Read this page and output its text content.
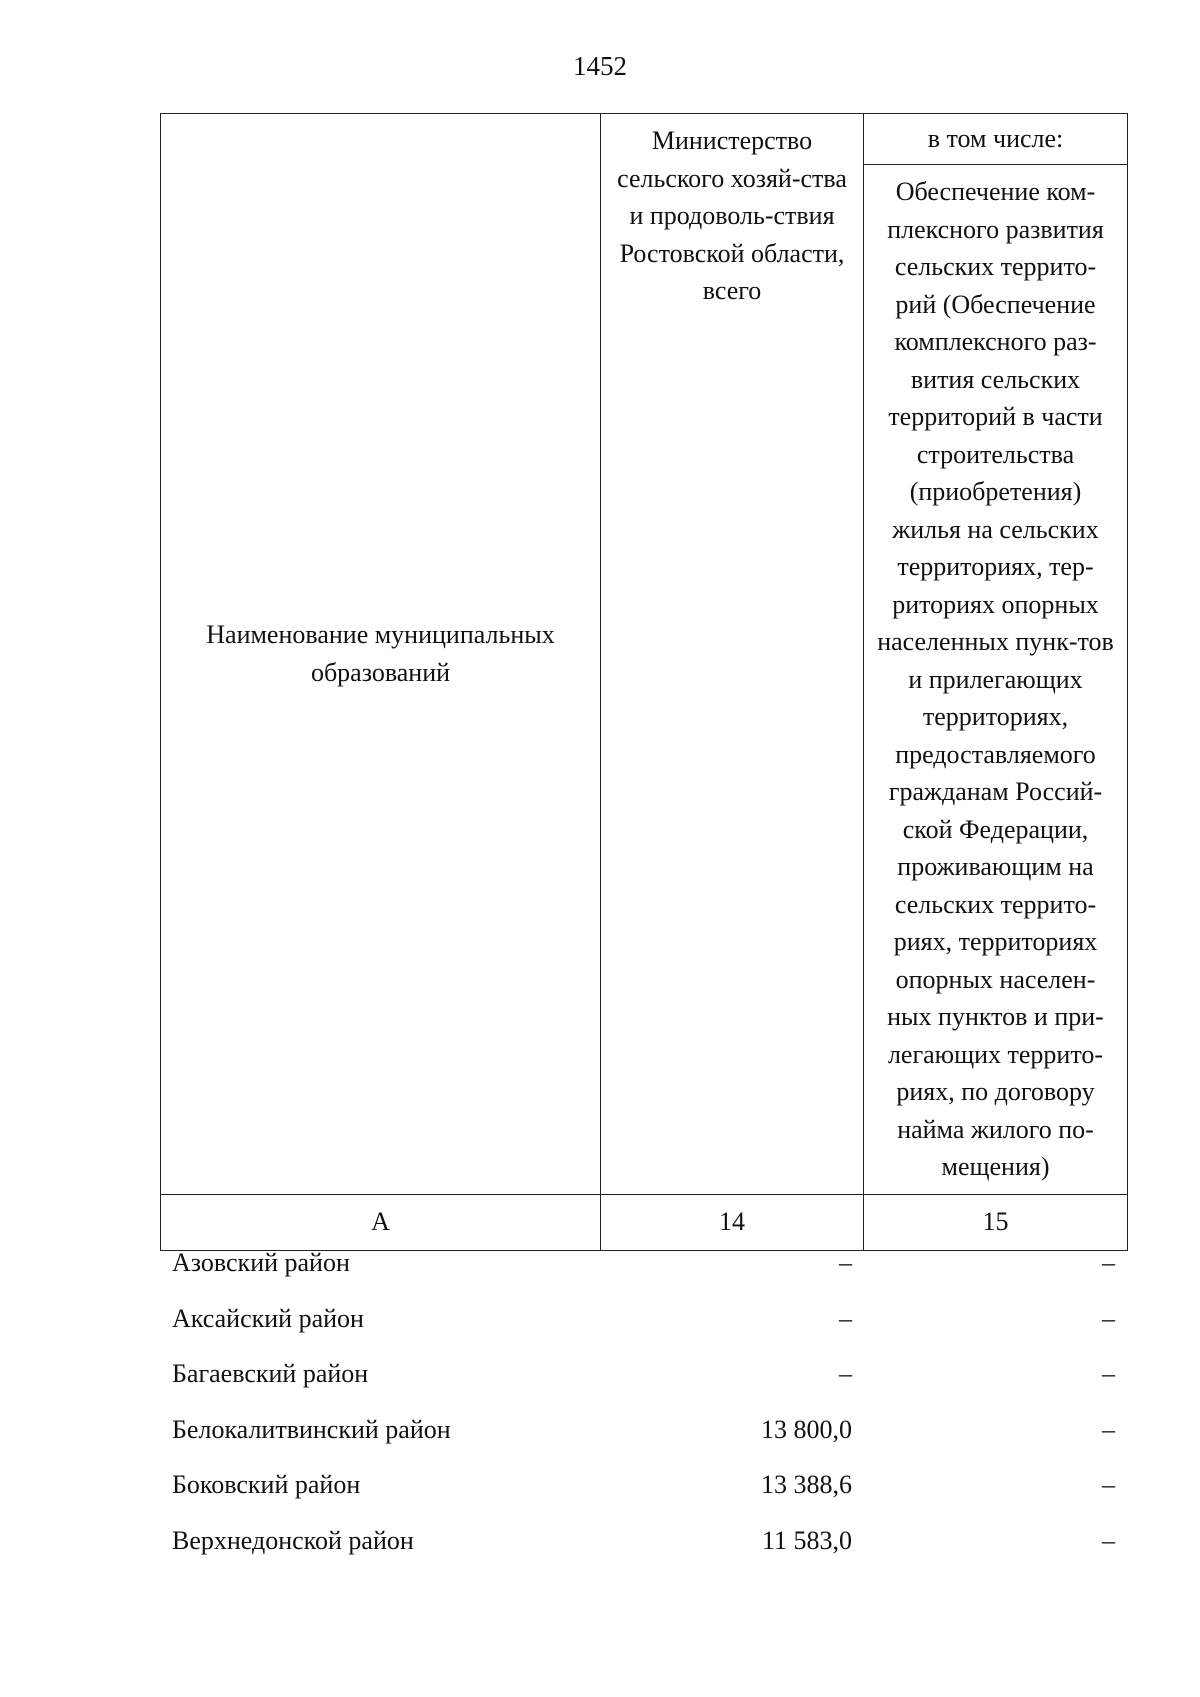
1452
Наименование муниципальных образований	Министерство сельского хозяй-ства и продоволь-ствия Ростовской области, всего	в том числе:
		Обеспечение ком-плексного развития сельских террито-рий (Обеспечение комплексного раз-вития сельских территорий в части строительства (приобретения) жилья на сельских территориях, тер-риториях опорных населенных пунк-тов и прилегающих территориях, предоставляемого гражданам Россий-ской Федерации, проживающим на сельских террито-риях, территориях опорных населен-ных пунктов и при-легающих террито-риях, по договору найма жилого по-мещения)
А	14	15
Азовский район	–	–
Аксайский район	–	–
Багаевский район	–	–
Белокалитвинский район	13 800,0	–
Боковский район	13 388,6	–
Верхнедонской район	11 583,0	–
